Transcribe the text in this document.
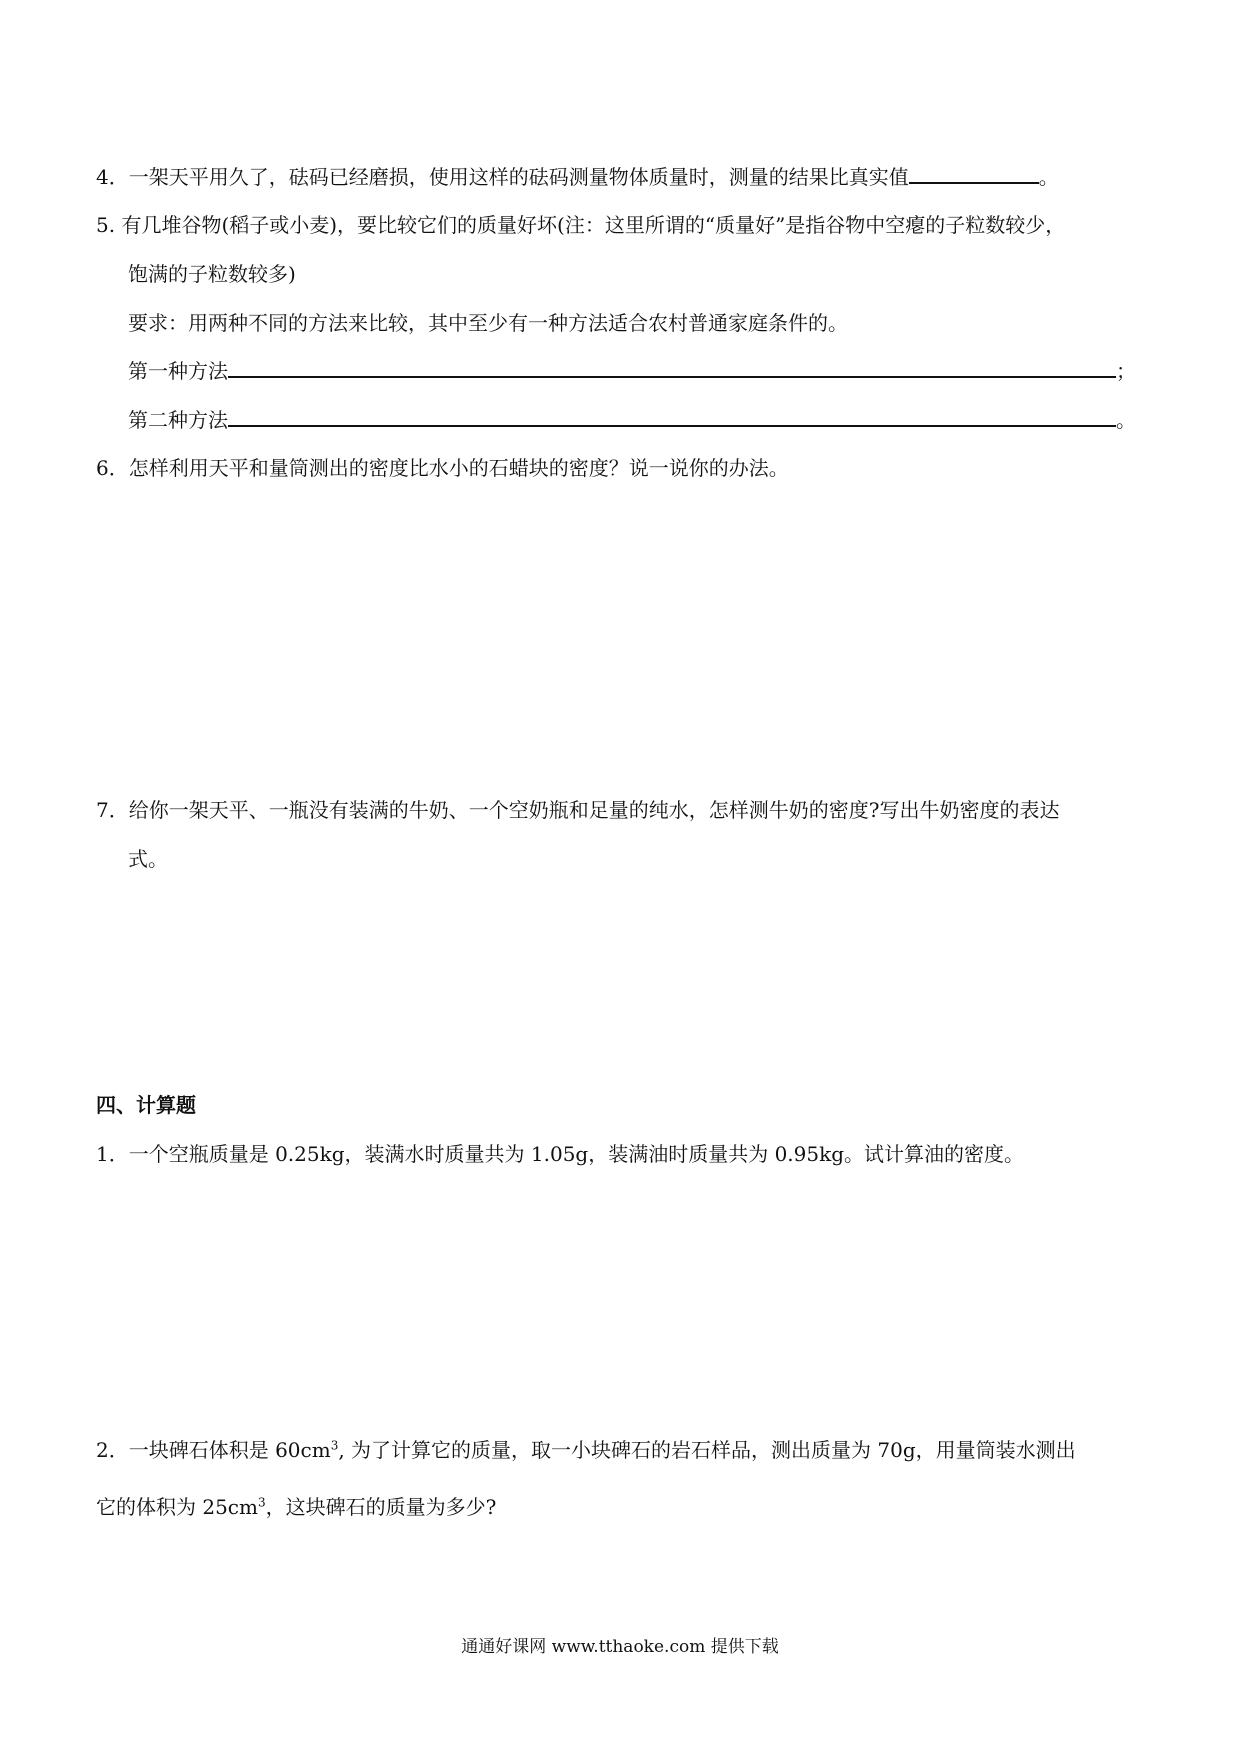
4．一架天平用久了，砝码已经磨损，使用这样的砝码测量物体质量时，测量的结果比真实值	。
5. 有几堆谷物(稻子或小麦)，要比较它们的质量好坏(注：这里所谓的“质量好”是指谷物中空瘪的子粒数较少，
饱满的子粒数较多)
要求：用两种不同的方法来比较，其中至少有一种方法适合农村普通家庭条件的。
第一种方法	；
第二种方法	。
6．怎样利用天平和量筒测出的密度比水小的石蜡块的密度？说一说你的办法。
7．给你一架天平、一瓶没有装满的牛奶、一个空奶瓶和足量的纯水，怎样测牛奶的密度?写出牛奶密度的表达
式。
四、计算题
1．一个空瓶质量是 0.25kg，装满水时质量共为 1.05g，装满油时质量共为 0.95kg。试计算油的密度。
2．一块碑石体积是 $60cm^3$, 为了计算它的质量，取一小块碑石的岩石样品，测出质量为 70g，用量筒装水测出
它的体积为 $25cm^3$，这块碑石的质量为多少?
通通好课网 www.tthaoke.com 提供下载
